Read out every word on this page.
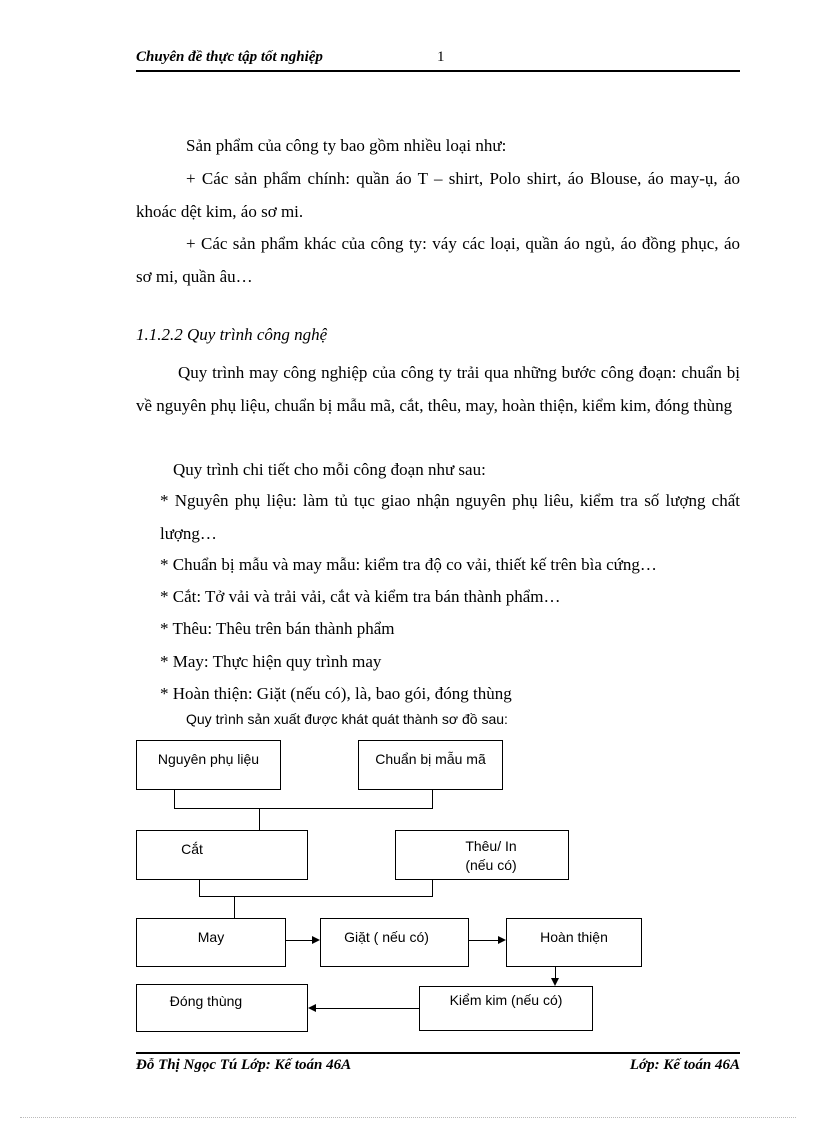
Chuyên đề thực tập tốt nghiệp	1
Sản phẩm của công ty bao gồm nhiều loại như:
+ Các sản phẩm chính: quần áo T – shirt, Polo shirt, áo Blouse, áo may-ụ, áo khoác dệt kim, áo sơ mi.
+ Các sản phẩm khác của công ty: váy các loại, quần áo ngủ, áo đồng phục, áo sơ mi, quần âu…
1.1.2.2 Quy trình công nghệ
Quy trình may công nghiệp của công ty trải qua những bước công đoạn: chuẩn bị về nguyên phụ liệu, chuẩn bị mẫu mã, cắt, thêu, may, hoàn thiện, kiểm kim, đóng thùng
Quy trình chi tiết cho mỗi công đoạn như sau:
* Nguyên phụ liệu: làm tủ tục giao nhận nguyên phụ liêu, kiểm tra số lượng chất lượng…
* Chuẩn bị mẫu và may mẫu: kiểm tra độ co vải, thiết kế trên bìa cứng…
* Cắt: Tở vải và trải vải, cắt và kiểm tra bán thành phẩm…
* Thêu: Thêu trên bán thành phẩm
* May: Thực hiện quy trình may
* Hoàn thiện: Giặt (nếu có), là, bao gói, đóng thùng
Quy trình sản xuất được khát quát thành sơ đồ sau:
Nguyên phụ liệu	Chuẩn bị mẫu mã
Cắt	Thêu/ In
(nếu có)
May	Giặt ( nếu có)	Hoàn thiện
Kiểm kim (nếu có)
Đóng thùng
Đỗ Thị Ngọc Tú Lớp: Kế toán 46A	Lớp: Kế toán 46A
